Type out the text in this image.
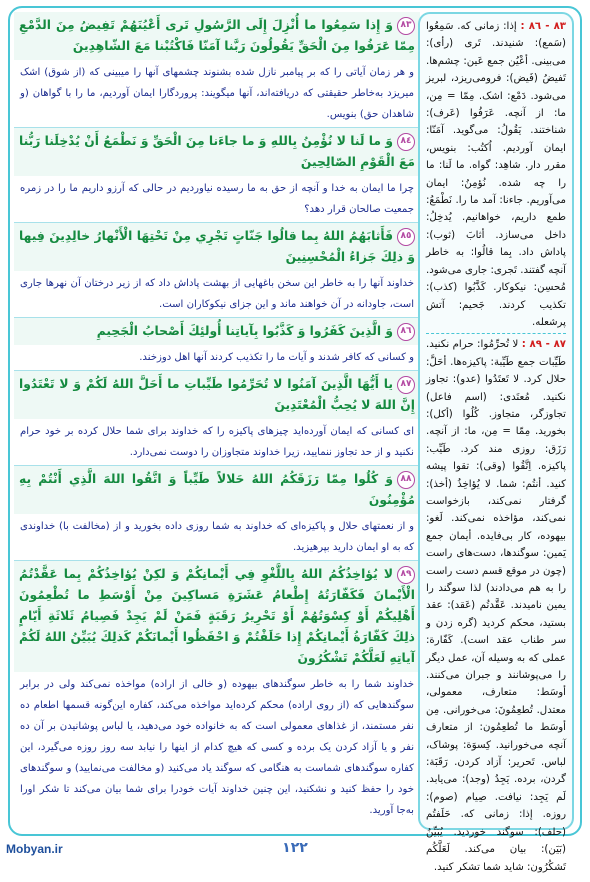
٨٣وَ إِذا سَمِعُوا ما أُنْزِلَ إِلَى الرَّسُولِ تَرى أَعْيُنَهُمْ تَفِيضُ مِنَ الدَّمْعِ مِمّا عَرَفُوا مِنَ الْحَقِّ يَقُولُونَ رَبَّنا آمَنّا فَاكْتُبْنا مَعَ الشّاهِدِينَ
و هر زمان آیاتی را که بر پیامبر نازل شده بشنوند چشمهای آنها را میبینی که (از شوق) اشک میریزد به‌خاطر حقیقتی که دریافته‌اند، آنها میگویند: پروردگارا ایمان آوردیم، ما را با گواهان (و شاهدان حق) بنویس.
٨٤وَ ما لَنا لا نُؤْمِنُ بِاللهِ وَ ما جاءَنا مِنَ الْحَقِّ وَ نَطْمَعُ أَنْ يُدْخِلَنا رَبُّنا مَعَ الْقَوْمِ الصّالِحِينَ
چرا ما ایمان به خدا و آنچه از حق به ما رسیده نیاوردیم در حالی که آرزو داریم ما را در زمره جمعیت صالحان قرار دهد؟
٨٥فَأَثابَهُمُ اللهُ بِما قالُوا جَنّاتٍ تَجْرِي مِنْ تَحْتِهَا الْأَنْهارُ خالِدِينَ فِيها وَ ذلِكَ جَزاءُ الْمُحْسِنِينَ
خداوند آنها را به خاطر این سخن باغهایی از بهشت پاداش داد که از زیر درختان آن نهرها جاری است، جاودانه در آن خواهند ماند و این جزای نیکوکاران است.
٨٦وَ الَّذِينَ كَفَرُوا وَ كَذَّبُوا بِآياتِنا أُولئِكَ أَصْحابُ الْجَحِيمِ
و کسانی که کافر شدند و آیات ما را تکذیب کردند آنها اهل دوزخند.
٨٧يا أَيُّهَا الَّذِينَ آمَنُوا لا تُحَرِّمُوا طَيِّباتِ ما أَحَلَّ اللهُ لَكُمْ وَ لا تَعْتَدُوا إِنَّ اللهَ لا يُحِبُّ الْمُعْتَدِينَ
ای کسانی که ایمان آورده‌اید چیزهای پاکیزه را که خداوند برای شما حلال کرده بر خود حرام نکنید و از حد تجاوز ننمایید، زیرا خداوند متجاوزان را دوست نمی‌دارد.
٨٨وَ كُلُوا مِمّا رَزَقَكُمُ اللهُ حَلالاً طَيِّباً وَ اتَّقُوا اللهَ الَّذِي أَنْتُمْ بِهِ مُؤْمِنُونَ
و از نعمتهای حلال و پاکیزه‌ای که خداوند به شما روزی داده بخورید و از (مخالفت با) خداوندی که به او ایمان دارید بپرهیزید.
٨٩لا يُؤاخِذُكُمُ اللهُ بِاللَّغْوِ فِي أَيْمانِكُمْ وَ لكِنْ يُؤاخِذُكُمْ بِما عَقَّدْتُمُ الْأَيْمانَ فَكَفّارَتُهُ إِطْعامُ عَشَرَةِ مَساكِينَ مِنْ أَوْسَطِ ما تُطْعِمُونَ أَهْلِيكُمْ أَوْ كِسْوَتُهُمْ أَوْ تَحْرِيرُ رَقَبَةٍ فَمَنْ لَمْ يَجِدْ فَصِيامُ ثَلاثَةِ أَيّامٍ ذلِكَ كَفّارَةُ أَيْمانِكُمْ إِذا حَلَفْتُمْ وَ احْفَظُوا أَيْمانَكُمْ كَذلِكَ يُبَيِّنُ اللهُ لَكُمْ آياتِهِ لَعَلَّكُمْ تَشْكُرُونَ
خداوند شما را به خاطر سوگندهای بیهوده (و خالی از اراده) مواخذه نمی‌کند ولی در برابر سوگندهایی که (از روی اراده) محکم کرده‌اید مواخذه می‌کند، کفاره این‌گونه قسمها اطعام ده نفر مستمند، از غذاهای معمولی است که به خانواده خود می‌دهید، یا لباس پوشانیدن بر آن ده نفر و یا آزاد کردن یک برده و کسی که هیچ کدام از اینها را نیابد سه روز روزه می‌گیرد، این کفاره سوگندهای شماست به هنگامی که سوگند یاد می‌کنید (و مخالفت می‌نمایید) و سوگندهای خود را حفظ کنید و نشکنید، این چنین خداوند آیات خودرا برای شما بیان می‌کند تا شکر اورا به‌جا آورید.

٨٣ - ٨٦ : إذا: زمانی که. سَمِعُوا (سَمع): شنیدند. تَری (رأی): می‌بینی. أعْیُن جمع عَین: چشم‌ها. تَفیضُ (فَیض): فرومی‌ریزد، لبریز می‌شود. دَمْع: اشک. مِمّا = مِن، ما: از آنچه. عَرَفُوا (عَرف): شناختند. یَقُولُ: می‌گوید. آمَنّا: ایمان آوردیم. اُکتُب: بنویس، مقرر دار. شاهِد: گواه. ما لَنا: ما را چه شده. نُؤمِنُ: ایمان می‌آوریم. جاءنا: آمد ما را. نَطْمَعُ: طمع داریم، خواهانیم. یُدخِلُ: داخل می‌سازد. أثابَ (ثوب): پاداش داد. بِما قالُوا: به خاطر آنچه گفتند. تَجری: جاری می‌شود. مُحسِن: نیکوکار. کَذَّبُوا (کذب): تکذیب کردند. جَحیم: آتش پرشعله.

٨٧ - ٨٩ : لا تُحرِّمُوا: حرام نکنید. طَیِّبات جمع طَیِّبة: پاکیزه‌ها. أحَلَّ: حلال کرد. لا تَعتَدُوا (عدو): تجاوز نکنید. مُعتَدی: (اسم فاعل) تجاوزگر، متجاوز. کُلُوا (أکل): بخورید. مِمّا = مِن، ما: از آنچه. رَزَق: روزی‌ مند کرد. طَیِّب: پاکیزه. اِتَّقُوا (وقی): تقوا پیشه کنید. أنتُم: شما. لا یُؤاخِذُ (أخذ): گرفتار نمی‌کند، بازخواست نمی‌کند، مؤاخذه نمی‌کند. لَغو: بیهوده، کار بی‌فایده. أیمان جمع یَمین: سوگندها، دست‌های راست (چون در موقع قسم دست راست را به هم می‌دادند) لذا سوگند را یمین نامیدند. عَقَّدتُم (عَقد): عقد بستید، محکم کردید (گره زدن و سر طناب عقد است). کَفّارة: عملی که به وسیله آن، عمل دیگر را می‌پوشانند و جبران می‌کنند. أوسَط: متعارف، معمولی، معتدل. تُطعِمُونَ: می‌خورانی. مِن أوسَط ما تُطعِمُون: از متعارف آنچه می‌خورانید. کِسوَة: پوشاک، لباس. تَحریر: آزاد کردن. رَقَبَة: گردن، برده. یَجِدُ (وجد): می‌یابد. لَم یَجِد: نیافت. صِیام (صوم): روزه. إذا: زمانی که. حَلَفتُم (حلف): سوگند خوردید. یُبَیِّنُ (بَیَن): بیان می‌کند. لَعَلَّکُم تَشکُرُون: شاید شما تشکر کنید.

Mobyan.ir	۱۲۲
